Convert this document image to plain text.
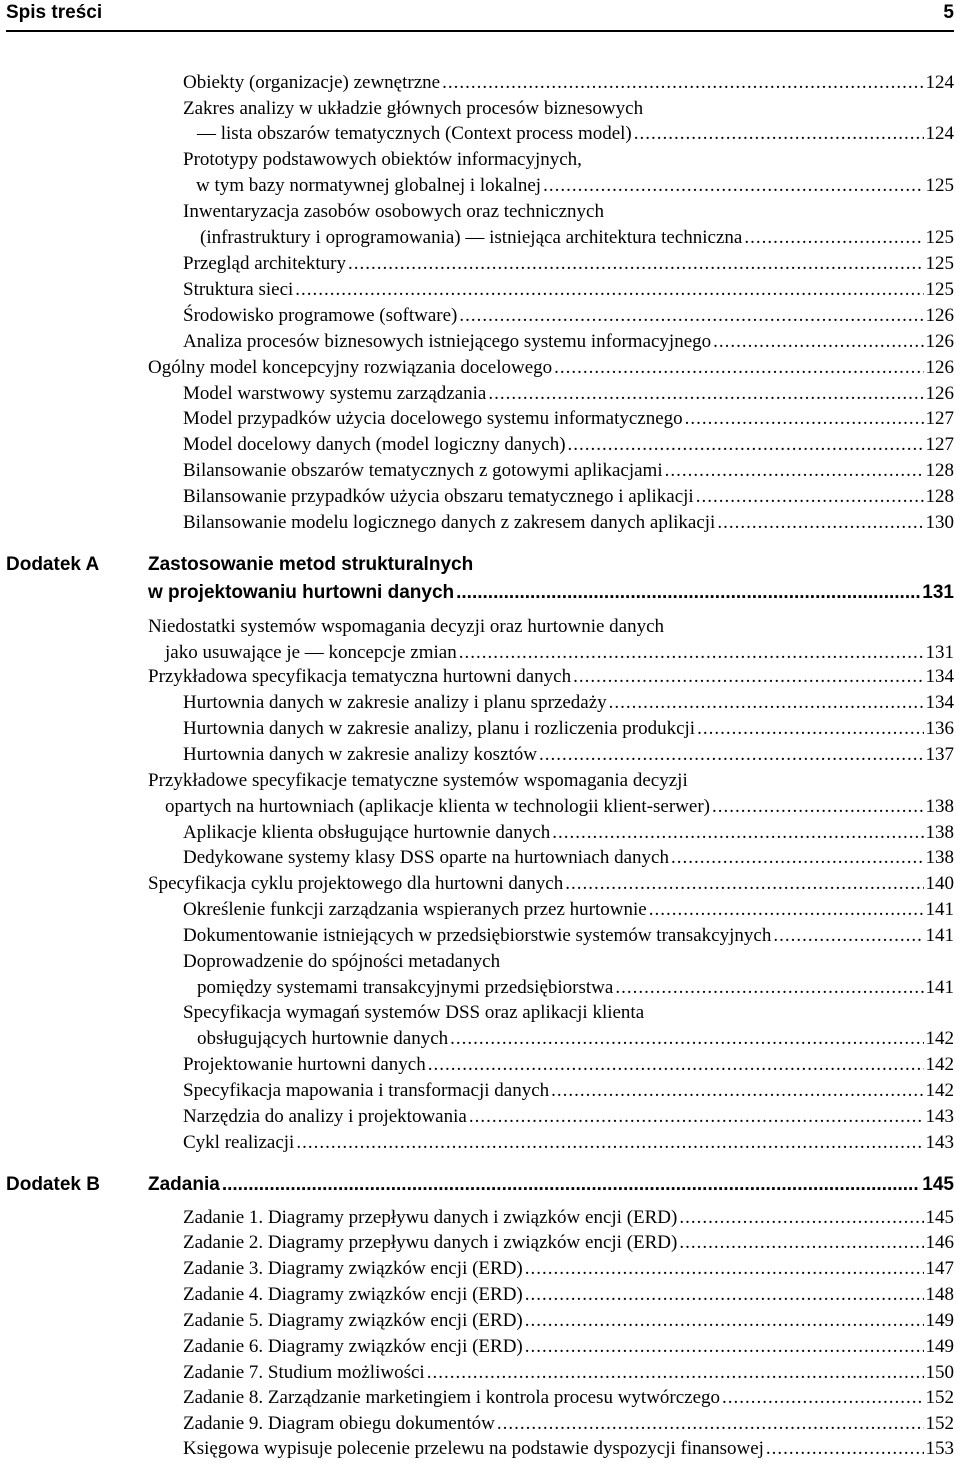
Spis treści	5
Obiekty (organizacje) zewnętrzne .....	124
Zakres analizy w układzie głównych procesów biznesowych
— lista obszarów tematycznych (Context process model) .....	124
Prototypy podstawowych obiektów informacyjnych,
w tym bazy normatywnej globalnej i lokalnej .....	125
Inwentaryzacja zasobów osobowych oraz technicznych
(infrastruktury i oprogramowania) — istniejąca architektura techniczna .....	125
Przegląd architektury .....	125
Struktura sieci .....	125
Środowisko programowe (software) .....	126
Analiza procesów biznesowych istniejącego systemu informacyjnego .....	126
Ogólny model koncepcyjny rozwiązania docelowego .....	126
Model warstwowy systemu zarządzania .....	126
Model przypadków użycia docelowego systemu informatycznego .....	127
Model docelowy danych (model logiczny danych) .....	127
Bilansowanie obszarów tematycznych z gotowymi aplikacjami .....	128
Bilansowanie przypadków użycia obszaru tematycznego i aplikacji .....	128
Bilansowanie modelu logicznego danych z zakresem danych aplikacji .....	130
Dodatek A	Zastosowanie metod strukturalnych
w projektowaniu hurtowni danych .....	131
Niedostatki systemów wspomagania decyzji oraz hurtownie danych
jako usuwające je — koncepcje zmian .....	131
Przykładowa specyfikacja tematyczna hurtowni danych .....	134
Hurtownia danych w zakresie analizy i planu sprzedaży .....	134
Hurtownia danych w zakresie analizy, planu i rozliczenia produkcji .....	136
Hurtownia danych w zakresie analizy kosztów .....	137
Przykładowe specyfikacje tematyczne systemów wspomagania decyzji
opartych na hurtowniach (aplikacje klienta w technologii klient-serwer) .....	138
Aplikacje klienta obsługujące hurtownie danych .....	138
Dedykowane systemy klasy DSS oparte na hurtowniach danych .....	138
Specyfikacja cyklu projektowego dla hurtowni danych .....	140
Określenie funkcji zarządzania wspieranych przez hurtownie .....	141
Dokumentowanie istniejących w przedsiębiorstwie systemów transakcyjnych .....	141
Doprowadzenie do spójności metadanych
pomiędzy systemami transakcyjnymi przedsiębiorstwa .....	141
Specyfikacja wymagań systemów DSS oraz aplikacji klienta
obsługujących hurtownie danych .....	142
Projektowanie hurtowni danych .....	142
Specyfikacja mapowania i transformacji danych .....	142
Narzędzia do analizy i projektowania .....	143
Cykl realizacji .....	143
Dodatek B	Zadania .....	145
Zadanie 1. Diagramy przepływu danych i związków encji (ERD) .....	145
Zadanie 2. Diagramy przepływu danych i związków encji (ERD) .....	146
Zadanie 3. Diagramy związków encji (ERD) .....	147
Zadanie 4. Diagramy związków encji (ERD) .....	148
Zadanie 5. Diagramy związków encji (ERD) .....	149
Zadanie 6. Diagramy związków encji (ERD) .....	149
Zadanie 7. Studium możliwości .....	150
Zadanie 8. Zarządzanie marketingiem i kontrola procesu wytwórczego .....	152
Zadanie 9. Diagram obiegu dokumentów .....	152
Księgowa wypisuje polecenie przelewu na podstawie dyspozycji finansowej .....	153
